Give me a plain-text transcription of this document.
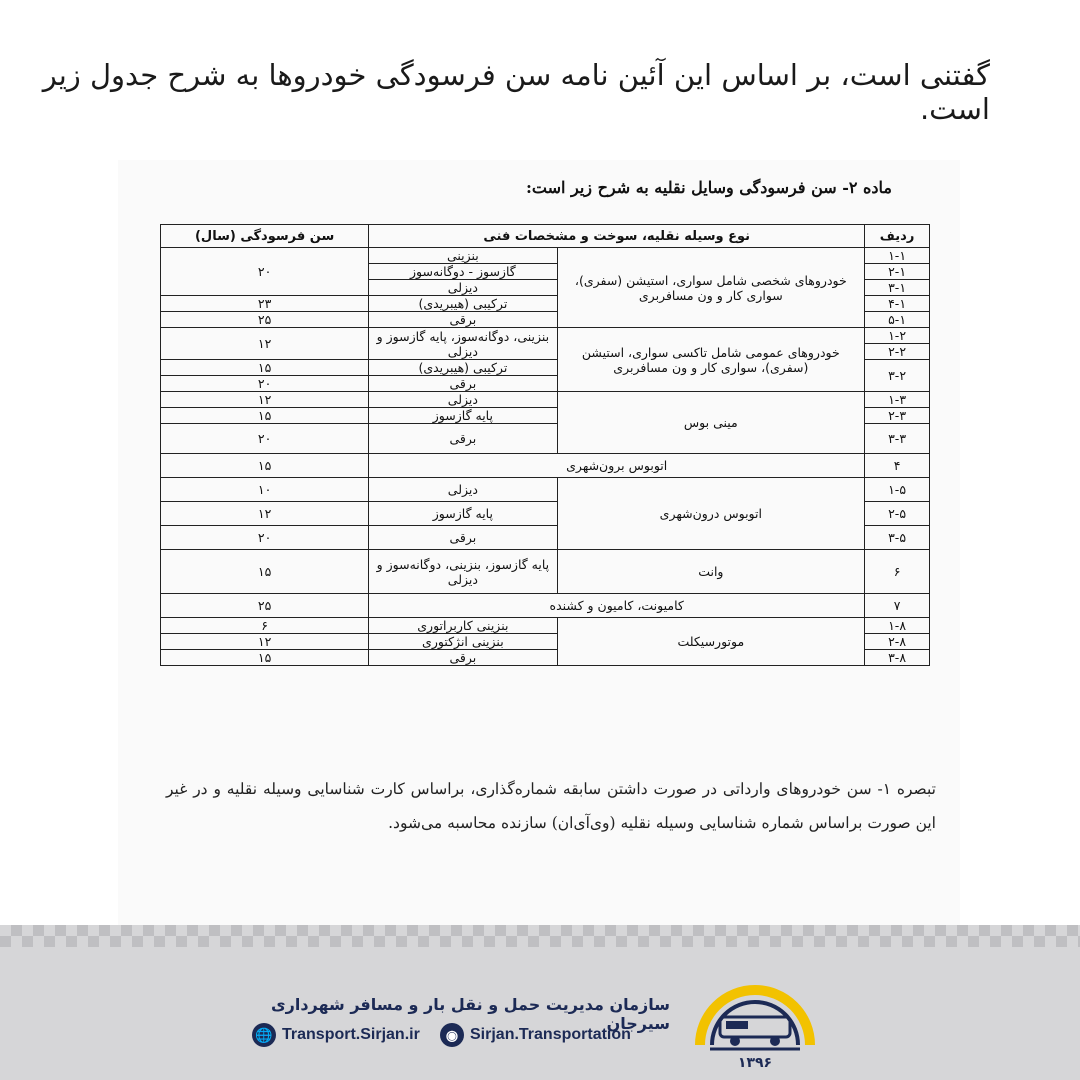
گفتنی است، بر اساس این آئین نامه سن فرسودگی خودروها به شرح جدول زیر است.
ماده ۲- سن فرسودگی وسایل نقلیه به شرح زیر است:
ردیف	نوع وسیله نقلیه، سوخت و مشخصات فنی		سن فرسودگی (سال)
۱-۱	خودروهای شخصی شامل سواری، استیشن (سفری)، سواری کار و ون مسافربری	بنزینی	۲۰
۲-۱		گازسوز - دوگانه‌سوز	
۳-۱		دیزلی	
۴-۱		ترکیبی (هیبریدی)	۲۳
۵-۱		برقی	۲۵
۱-۲	خودروهای عمومی شامل تاکسی سواری، استیشن (سفری)، سواری کار و ون مسافربری	بنزینی، دوگانه‌سوز، پایه گازسوز و دیزلی	۱۲
۲-۲			
۳-۲		ترکیبی (هیبریدی)	۱۵
		برقی	۲۰

۱-۳	مینی بوس	دیزلی	۱۲
۲-۳		پایه گازسوز	۱۵
۳-۳		برقی	۲۰
۴	اتوبوس برون‌شهری		۱۵
۱-۵	اتوبوس درون‌شهری	دیزلی	۱۰
۲-۵		پایه گازسوز	۱۲
۳-۵		برقی	۲۰
۶	وانت	پایه گازسوز، بنزینی، دوگانه‌سوز و دیزلی	۱۵
۷	کامیونت، کامیون و کشنده		۲۵
۱-۸	موتورسیکلت	بنزینی کاربراتوری	۶
۲-۸		بنزینی انژکتوری	۱۲
۳-۸		برقی	۱۵
تبصره ۱- سن خودروهای وارداتی در صورت داشتن سابقه شماره‌گذاری، براساس کارت شناسایی وسیله نقلیه و در غیر این صورت براساس شماره شناسایی وسیله نقلیه (وی‌آی‌ان) سازنده محاسبه می‌شود.
سازمان مدیریت حمل و نقل بار و مسافر شهرداری سیرجان
🌐 Transport.Sirjan.ir	◉ Sirjan.Transportation
۱۳۹۶
